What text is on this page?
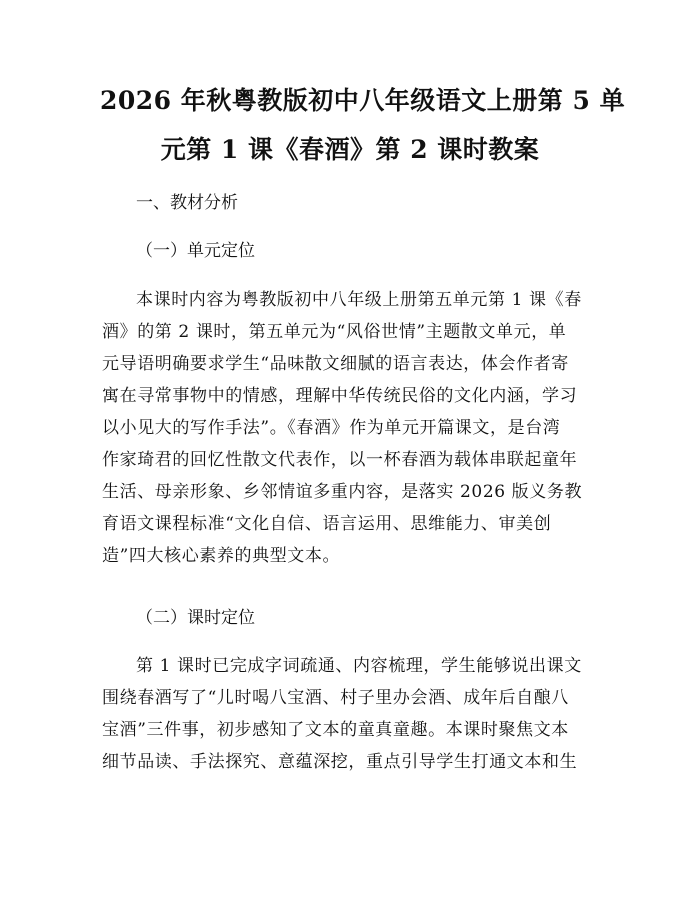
2026 年秋粤教版初中八年级语文上册第 5 单
元第 1 课《春酒》第 2 课时教案

一、教材分析

（一）单元定位

本课时内容为粤教版初中八年级上册第五单元第 1 课《春

酒》的第 2 课时，第五单元为“风俗世情”主题散文单元，单

元导语明确要求学生“品味散文细腻的语言表达，体会作者寄

寓在寻常事物中的情感，理解中华传统民俗的文化内涵，学习

以小见大的写作手法”。《春酒》作为单元开篇课文，是台湾

作家琦君的回忆性散文代表作，以一杯春酒为载体串联起童年

生活、母亲形象、乡邻情谊多重内容，是落实 2026 版义务教

育语文课程标准“文化自信、语言运用、思维能力、审美创

造”四大核心素养的典型文本。

（二）课时定位

第 1 课时已完成字词疏通、内容梳理，学生能够说出课文

围绕春酒写了“儿时喝八宝酒、村子里办会酒、成年后自酿八

宝酒”三件事，初步感知了文本的童真童趣。本课时聚焦文本

细节品读、手法探究、意蕴深挖，重点引导学生打通文本和生
